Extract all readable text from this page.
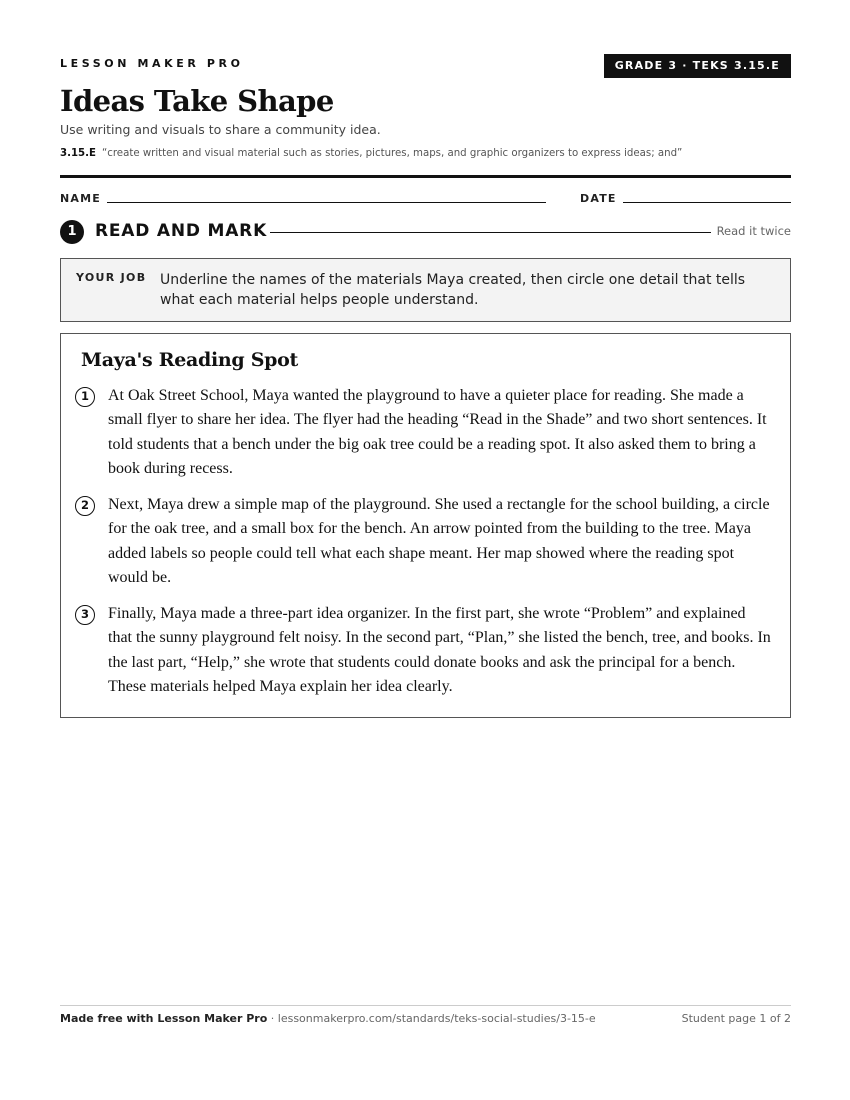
LESSON MAKER PRO	GRADE 3 · TEKS 3.15.E
Ideas Take Shape
Use writing and visuals to share a community idea.
3.15.E “create written and visual material such as stories, pictures, maps, and graphic organizers to express ideas; and”
NAME	DATE
1	READ AND MARK	Read it twice
YOUR JOB Underline the names of the materials Maya created, then circle one detail that tells what each material helps people understand.
Maya's Reading Spot
1	At Oak Street School, Maya wanted the playground to have a quieter place for reading. She made a small flyer to share her idea. The flyer had the heading “Read in the Shade” and two short sentences. It told students that a bench under the big oak tree could be a reading spot. It also asked them to bring a book during recess.

2	Next, Maya drew a simple map of the playground. She used a rectangle for the school building, a circle for the oak tree, and a small box for the bench. An arrow pointed from the building to the tree. Maya added labels so people could tell what each shape meant. Her map showed where the reading spot would be.

3	Finally, Maya made a three-part idea organizer. In the first part, she wrote “Problem” and explained that the sunny playground felt noisy. In the second part, “Plan,” she listed the bench, tree, and books. In the last part, “Help,” she wrote that students could donate books and ask the principal for a bench. These materials helped Maya explain her idea clearly.

Made free with Lesson Maker Pro · lessonmakerpro.com/standards/teks-social-studies/3-15-e	Student page 1 of 2
